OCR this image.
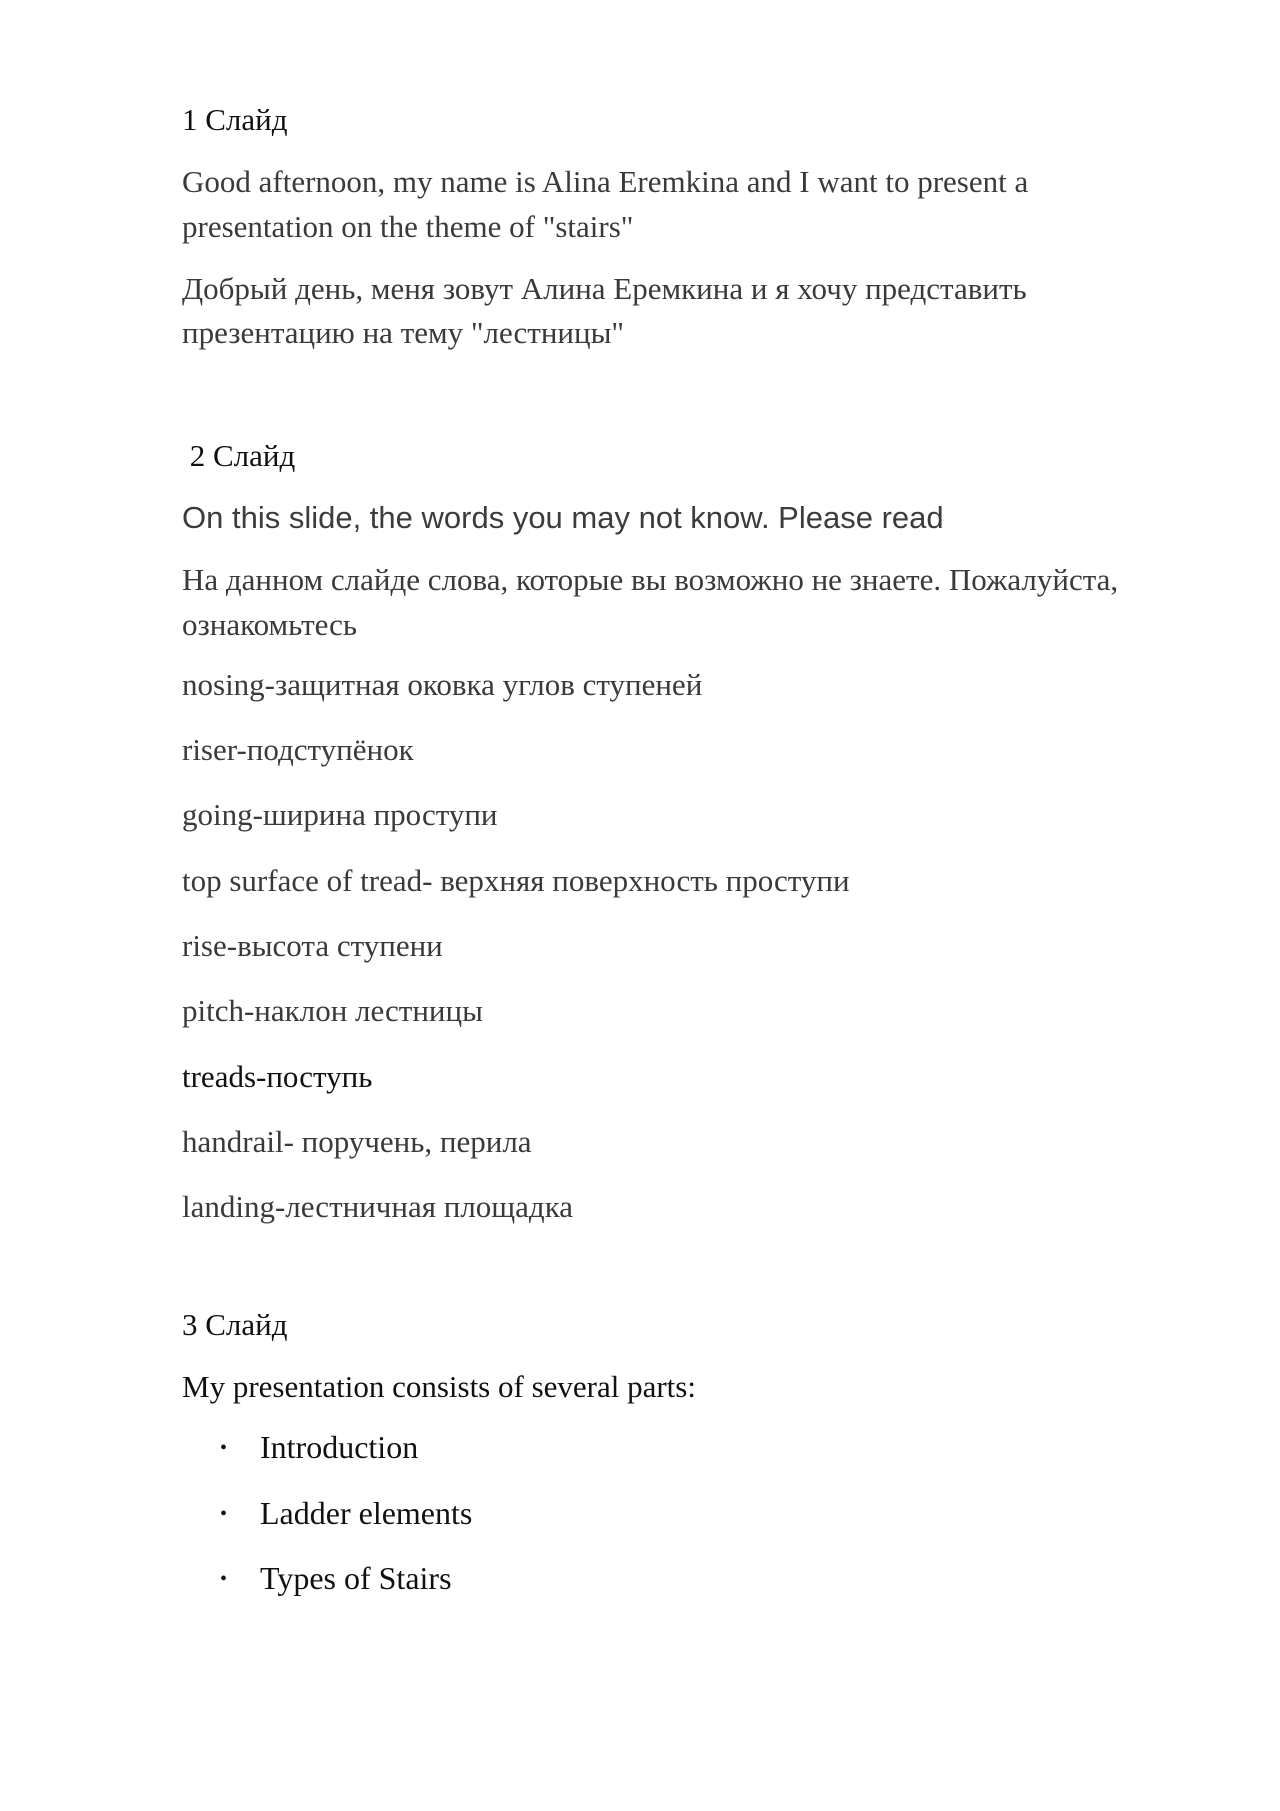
1 Слайд

Good afternoon, my name is Alina Eremkina and I want to present a presentation on the theme of "stairs"

Добрый день, меня зовут Алина Еремкина и я хочу представить презентацию на тему "лестницы"

2 Слайд

On this slide, the words you may not know. Please read

На данном слайде слова, которые вы возможно не знаете. Пожалуйста, ознакомьтесь

nosing-защитная оковка углов ступеней
riser-подступёнок
going-ширина проступи
top surface of tread- верхняя поверхность проступи
rise-высота ступени
pitch-наклон лестницы
treads-поступь
handrail- поручень, перила
landing-лестничная площадка
3 Слайд

My presentation consists of several parts:

• Introduction
• Ladder elements
• Types of Stairs
